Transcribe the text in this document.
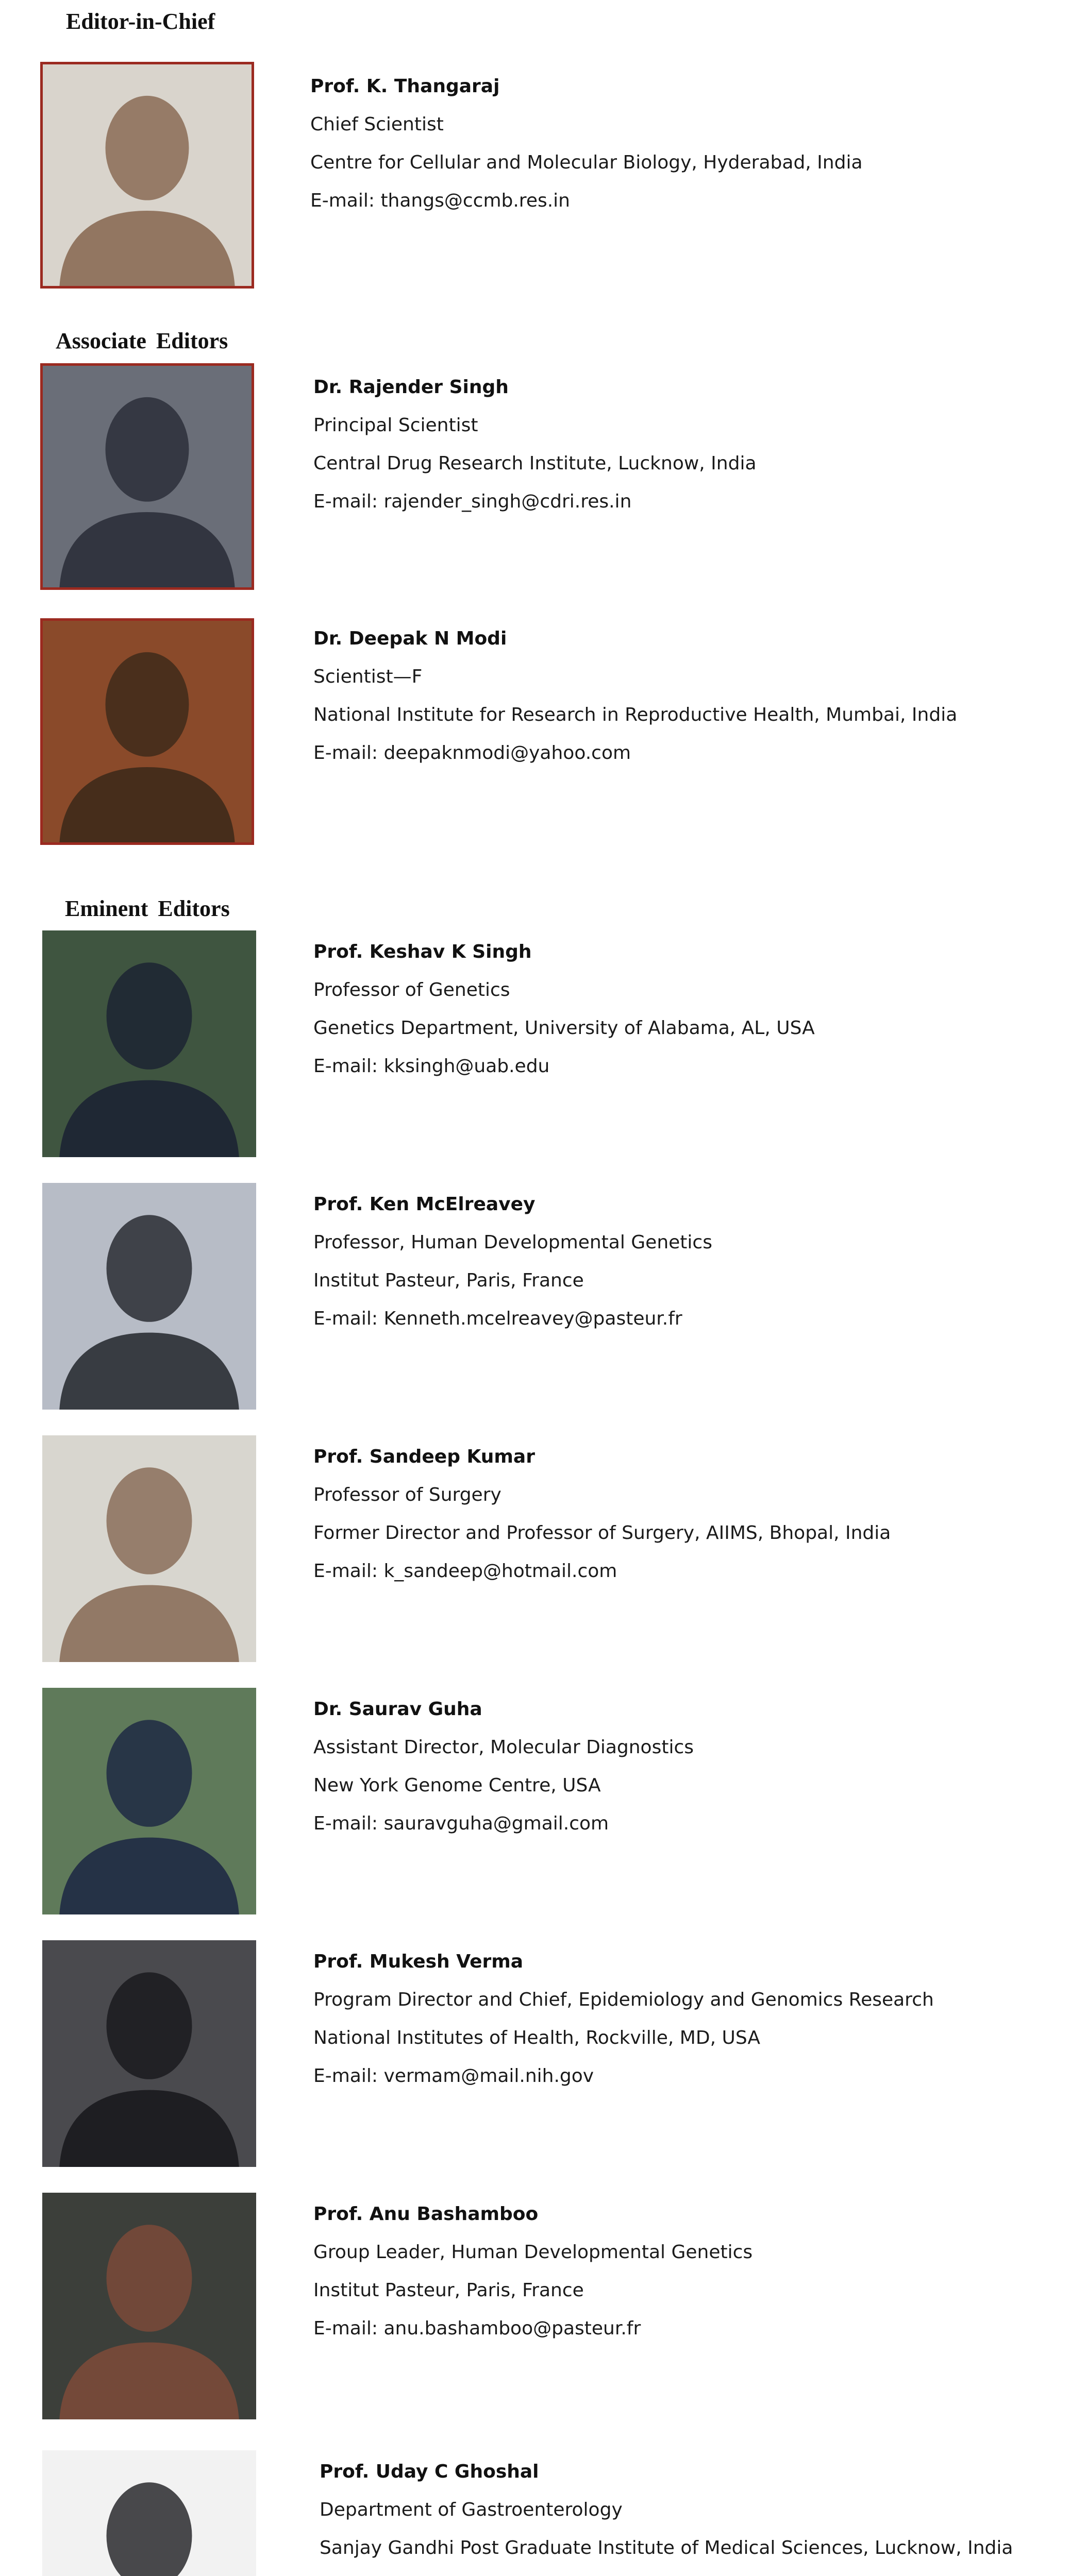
Editor-in-Chief
Prof. K. Thangaraj
Chief Scientist
Centre for Cellular and Molecular Biology, Hyderabad, India
E-mail: thangs@ccmb.res.in
Associate Editors
Dr. Rajender Singh
Principal Scientist
Central Drug Research Institute, Lucknow, India
E-mail: rajender_singh@cdri.res.in
Dr. Deepak N Modi
Scientist—F
National Institute for Research in Reproductive Health, Mumbai, India
E-mail: deepaknmodi@yahoo.com
Eminent Editors
Prof. Keshav K Singh
Professor of Genetics
Genetics Department, University of Alabama, AL, USA
E-mail: kksingh@uab.edu
Prof. Ken McElreavey
Professor, Human Developmental Genetics
Institut Pasteur, Paris, France
E-mail: Kenneth.mcelreavey@pasteur.fr
Prof. Sandeep Kumar
Professor of Surgery
Former Director and Professor of Surgery, AIIMS, Bhopal, India
E-mail: k_sandeep@hotmail.com
Dr. Saurav Guha
Assistant Director, Molecular Diagnostics
New York Genome Centre, USA
E-mail: sauravguha@gmail.com
Prof. Mukesh Verma
Program Director and Chief, Epidemiology and Genomics Research
National Institutes of Health, Rockville, MD, USA
E-mail: vermam@mail.nih.gov
Prof. Anu Bashamboo
Group Leader, Human Developmental Genetics
Institut Pasteur, Paris, France
E-mail: anu.bashamboo@pasteur.fr
Prof. Uday C Ghoshal
Department of Gastroenterology
Sanjay Gandhi Post Graduate Institute of Medical Sciences, Lucknow, India
